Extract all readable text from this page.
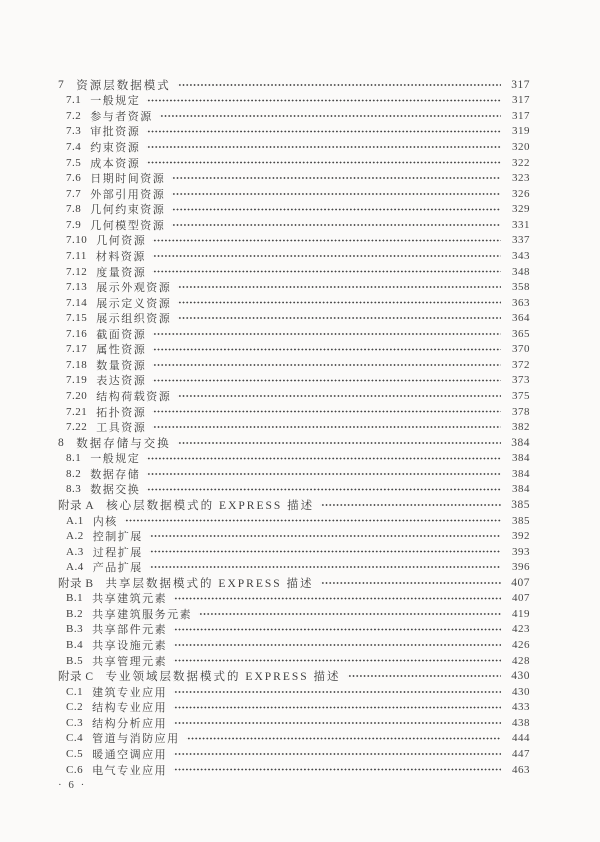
7 资源层数据模式	317
7.1 一般规定	317
7.2 参与者资源	317
7.3 审批资源	319
7.4 约束资源	320
7.5 成本资源	322
7.6 日期时间资源	323
7.7 外部引用资源	326
7.8 几何约束资源	329
7.9 几何模型资源	331
7.10 几何资源	337
7.11 材料资源	343
7.12 度量资源	348
7.13 展示外观资源	358
7.14 展示定义资源	363
7.15 展示组织资源	364
7.16 截面资源	365
7.17 属性资源	370
7.18 数量资源	372
7.19 表达资源	373
7.20 结构荷载资源	375
7.21 拓扑资源	378
7.22 工具资源	382
8 数据存储与交换	384
8.1 一般规定	384
8.2 数据存储	384
8.3 数据交换	384
附录 A 核心层数据模式的 EXPRESS 描述	385
A.1 内核	385
A.2 控制扩展	392
A.3 过程扩展	393
A.4 产品扩展	396
附录 B 共享层数据模式的 EXPRESS 描述	407
B.1 共享建筑元素	407
B.2 共享建筑服务元素	419
B.3 共享部件元素	423
B.4 共享设施元素	426
B.5 共享管理元素	428
附录 C 专业领域层数据模式的 EXPRESS 描述	430
C.1 建筑专业应用	430
C.2 结构专业应用	433
C.3 结构分析应用	438
C.4 管道与消防应用	444
C.5 暖通空调应用	447
C.6 电气专业应用	463
· 6 ·
